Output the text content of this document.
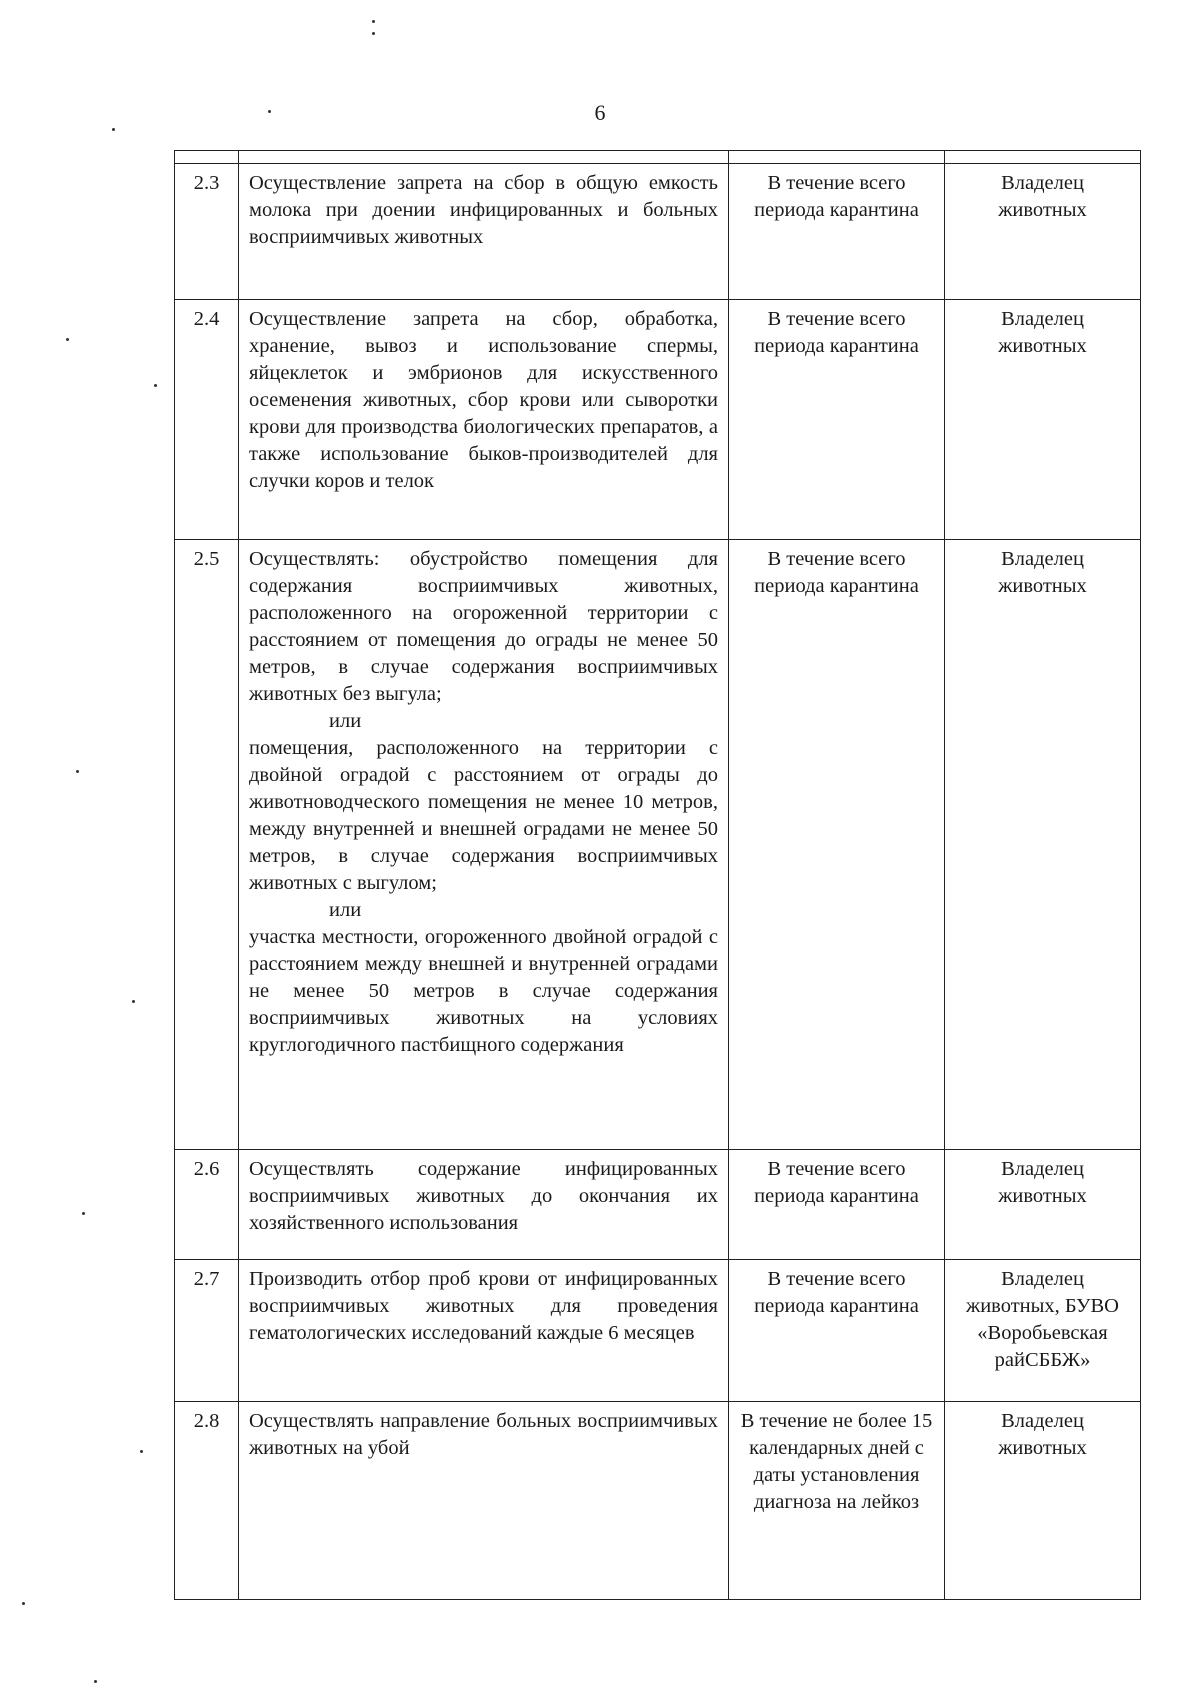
6

2.3	Осуществление запрета на сбор в общую емкость молока при доении инфицированных и больных восприимчивых животных	В течение всего периода карантина	Владелец животных
2.4	Осуществление запрета на сбор, обработка, хранение, вывоз и использование спермы, яйцеклеток и эмбрионов для искусственного осеменения животных, сбор крови или сыворотки крови для производства биологических препаратов, а также использование быков-производителей для случки коров и телок	В течение всего периода карантина	Владелец животных
2.5	Осуществлять: обустройство помещения для содержания восприимчивых животных, расположенного на огороженной территории с расстоянием от помещения до ограды не менее 50 метров, в случае содержания восприимчивых животных без выгула;
или
помещения, расположенного на территории с двойной оградой с расстоянием от ограды до животноводческого помещения не менее 10 метров, между внутренней и внешней оградами не менее 50 метров, в случае содержания восприимчивых животных с выгулом;
или
участка местности, огороженного двойной оградой с расстоянием между внешней и внутренней оградами не менее 50 метров в случае содержания восприимчивых животных на условиях круглогодичного пастбищного содержания	В течение всего периода карантина	Владелец животных
2.6	Осуществлять содержание инфицированных восприимчивых животных до окончания их хозяйственного использования	В течение всего периода карантина	Владелец животных
2.7	Производить отбор проб крови от инфицированных восприимчивых животных для проведения гематологических исследований каждые 6 месяцев	В течение всего периода карантина	Владелец животных, БУВО «Воробьевская райСББЖ»
2.8	Осуществлять направление больных восприимчивых животных на убой	В течение не более 15 календарных дней с даты установления диагноза на лейкоз	Владелец животных
